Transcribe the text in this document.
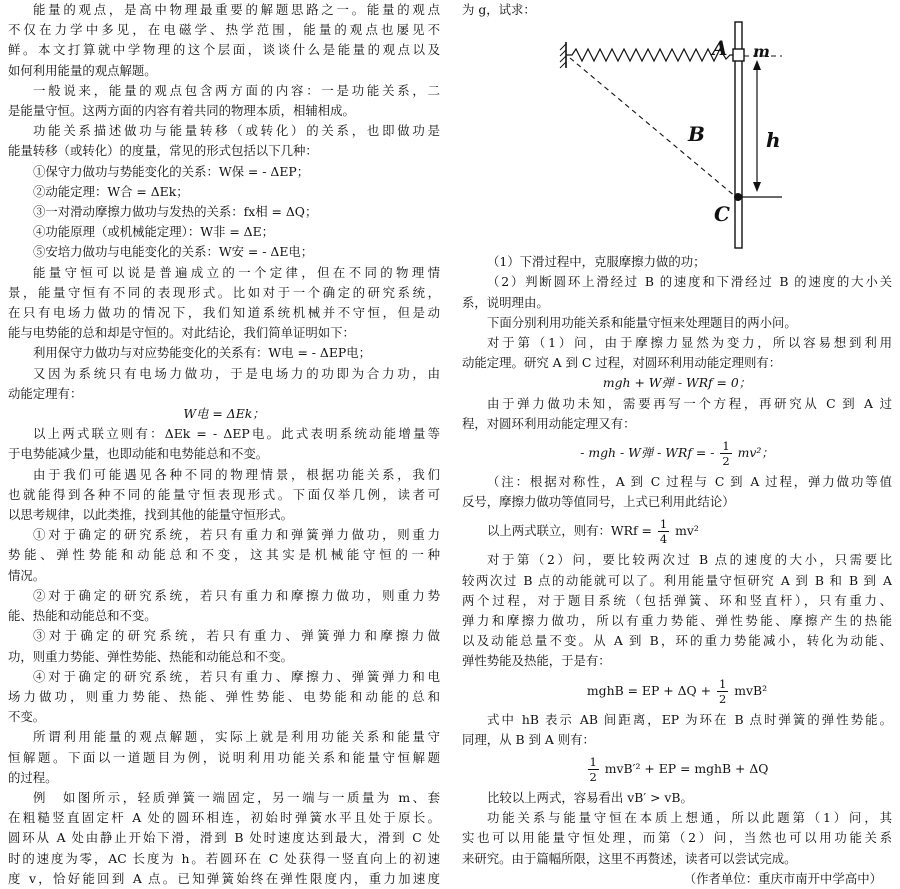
能量的观点，是高中物理最重要的解题思路之一。能量的观点
不仅在力学中多见，在电磁学、热学范围，能量的观点也屡见不
鲜。本文打算就中学物理的这个层面，谈谈什么是能量的观点以及
如何利用能量的观点解题。
一般说来，能量的观点包含两方面的内容：一是功能关系，二
是能量守恒。这两方面的内容有着共同的物理本质，相辅相成。
功能关系描述做功与能量转移（或转化）的关系，也即做功是
能量转移（或转化）的度量，常见的形式包括以下几种：
①保守力做功与势能变化的关系：W保 = - ΔEP；
②动能定理：W合 = ΔEk；
③一对滑动摩擦力做功与发热的关系：fx相 = ΔQ；
④功能原理（或机械能定理）：W非 = ΔE；
⑤安培力做功与电能变化的关系：W安 = - ΔE电；
能量守恒可以说是普遍成立的一个定律，但在不同的物理情
景，能量守恒有不同的表现形式。比如对于一个确定的研究系统，
在只有电场力做功的情况下，我们知道系统机械并不守恒，但是动
能与电势能的总和却是守恒的。对此结论，我们简单证明如下：
利用保守力做功与对应势能变化的关系有：W电 = - ΔEP电；
又因为系统只有电场力做功，于是电场力的功即为合力功，由
动能定理有：
W电 = ΔEk；
以上两式联立则有：ΔEk = - ΔEP电。此式表明系统动能增量等
于电势能减少量，也即动能和电势能总和不变。
由于我们可能遇见各种不同的物理情景，根据功能关系，我们
也就能得到各种不同的能量守恒表现形式。下面仅举几例，读者可
以思考规律，以此类推，找到其他的能量守恒形式。
①对于确定的研究系统，若只有重力和弹簧弹力做功，则重力
势能、弹性势能和动能总和不变，这其实是机械能守恒的一种
情况。
②对于确定的研究系统，若只有重力和摩擦力做功，则重力势
能、热能和动能总和不变。
③对于确定的研究系统，若只有重力、弹簧弹力和摩擦力做
功，则重力势能、弹性势能、热能和动能总和不变。
④对于确定的研究系统，若只有重力、摩擦力、弹簧弹力和电
场力做功，则重力势能、热能、弹性势能、电势能和动能的总和
不变。
所谓利用能量的观点解题，实际上就是利用功能关系和能量守
恒解题。下面以一道题目为例，说明利用功能关系和能量守恒解题
的过程。
例　如图所示，轻质弹簧一端固定，另一端与一质量为 m、套
在粗糙竖直固定杆 A 处的圆环相连，初始时弹簧水平且处于原长。
圆环从 A 处由静止开始下滑，滑到 B 处时速度达到最大，滑到 C 处
时的速度为零，AC 长度为 h。若圆环在 C 处获得一竖直向上的初速
度 v，恰好能回到 A 点。已知弹簧始终在弹性限度内，重力加速度
为 g，试求：
A m
B	h
C
（1）下滑过程中，克服摩擦力做的功；
（2）判断圆环上滑经过 B 的速度和下滑经过 B 的速度的大小关
系，说明理由。
下面分别利用功能关系和能量守恒来处理题目的两小问。
对于第（1）问，由于摩擦力显然为变力，所以容易想到利用
动能定理。研究 A 到 C 过程，对圆环利用动能定理则有：
mgh + W弹 - WRf = 0；
由于弹力做功未知，需要再写一个方程，再研究从 C 到 A 过
程，对圆环利用动能定理又有：
- mgh - W弹 - WRf = - $\frac{1}{2} mv^2$；
（注：根据对称性，A 到 C 过程与 C 到 A 过程，弹力做功等值
反号，摩擦力做功等值同号，上式已利用此结论）
以上两式联立，则有：WRf = $\frac{1}{4} mv^2$
对于第（2）问，要比较两次过 B 点的速度的大小，只需要比
较两次过 B 点的动能就可以了。利用能量守恒研究 A 到 B 和 B 到 A
两个过程，对于题目系统（包括弹簧、环和竖直杆），只有重力、
弹力和摩擦力做功，所以有重力势能、弹性势能、摩擦产生的热能
以及动能总量不变。从 A 到 B，环的重力势能减小，转化为动能、
弹性势能及热能，于是有：
mghB = EP + $\Delta Q + \frac{1}{2} mvB^2$
式中 hB 表示 AB 间距离，EP 为环在 B 点时弹簧的弹性势能。
同理，从 B 到 A 则有：
$\frac{1}{2} mvB'^2$ + EP = mghB + ΔQ
比较以上两式，容易看出 vB′ > vB。
功能关系与能量守恒在本质上想通，所以此题第（1）问，其
实也可以用能量守恒处理，而第（2）问，当然也可以用功能关系
来研究。由于篇幅所限，这里不再赘述，读者可以尝试完成。
（作者单位：重庆市南开中学高中）
